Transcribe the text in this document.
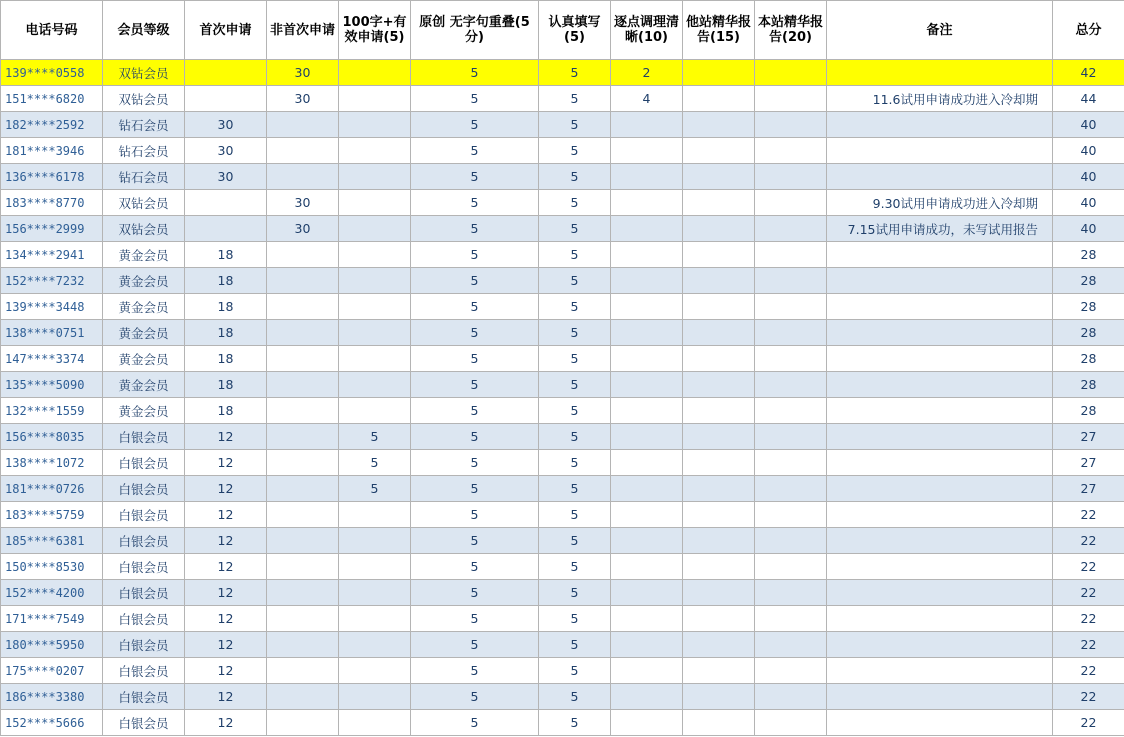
电话号码	会员等级	首次申请	非首次申请	100字+有效申请(5)	原创 无字句重叠(5分)	认真填写(5)	逐点调理清晰(10)	他站精华报告(15)	本站精华报告(20)	备注	总分
139****0558	双钻会员		30		5	5	2				42
151****6820	双钻会员		30		5	5	4			11.6试用申请成功进入冷却期	44
182****2592	钻石会员	30			5	5					40
181****3946	钻石会员	30			5	5					40
136****6178	钻石会员	30			5	5					40
183****8770	双钻会员		30		5	5				9.30试用申请成功进入冷却期	40
156****2999	双钻会员		30		5	5				7.15试用申请成功，未写试用报告	40
134****2941	黄金会员	18			5	5					28
152****7232	黄金会员	18			5	5					28
139****3448	黄金会员	18			5	5					28
138****0751	黄金会员	18			5	5					28
147****3374	黄金会员	18			5	5					28
135****5090	黄金会员	18			5	5					28
132****1559	黄金会员	18			5	5					28
156****8035	白银会员	12		5	5	5					27
138****1072	白银会员	12		5	5	5					27
181****0726	白银会员	12		5	5	5					27
183****5759	白银会员	12			5	5					22
185****6381	白银会员	12			5	5					22
150****8530	白银会员	12			5	5					22
152****4200	白银会员	12			5	5					22
171****7549	白银会员	12			5	5					22
180****5950	白银会员	12			5	5					22
175****0207	白银会员	12			5	5					22
186****3380	白银会员	12			5	5					22
152****5666	白银会员	12			5	5					22
